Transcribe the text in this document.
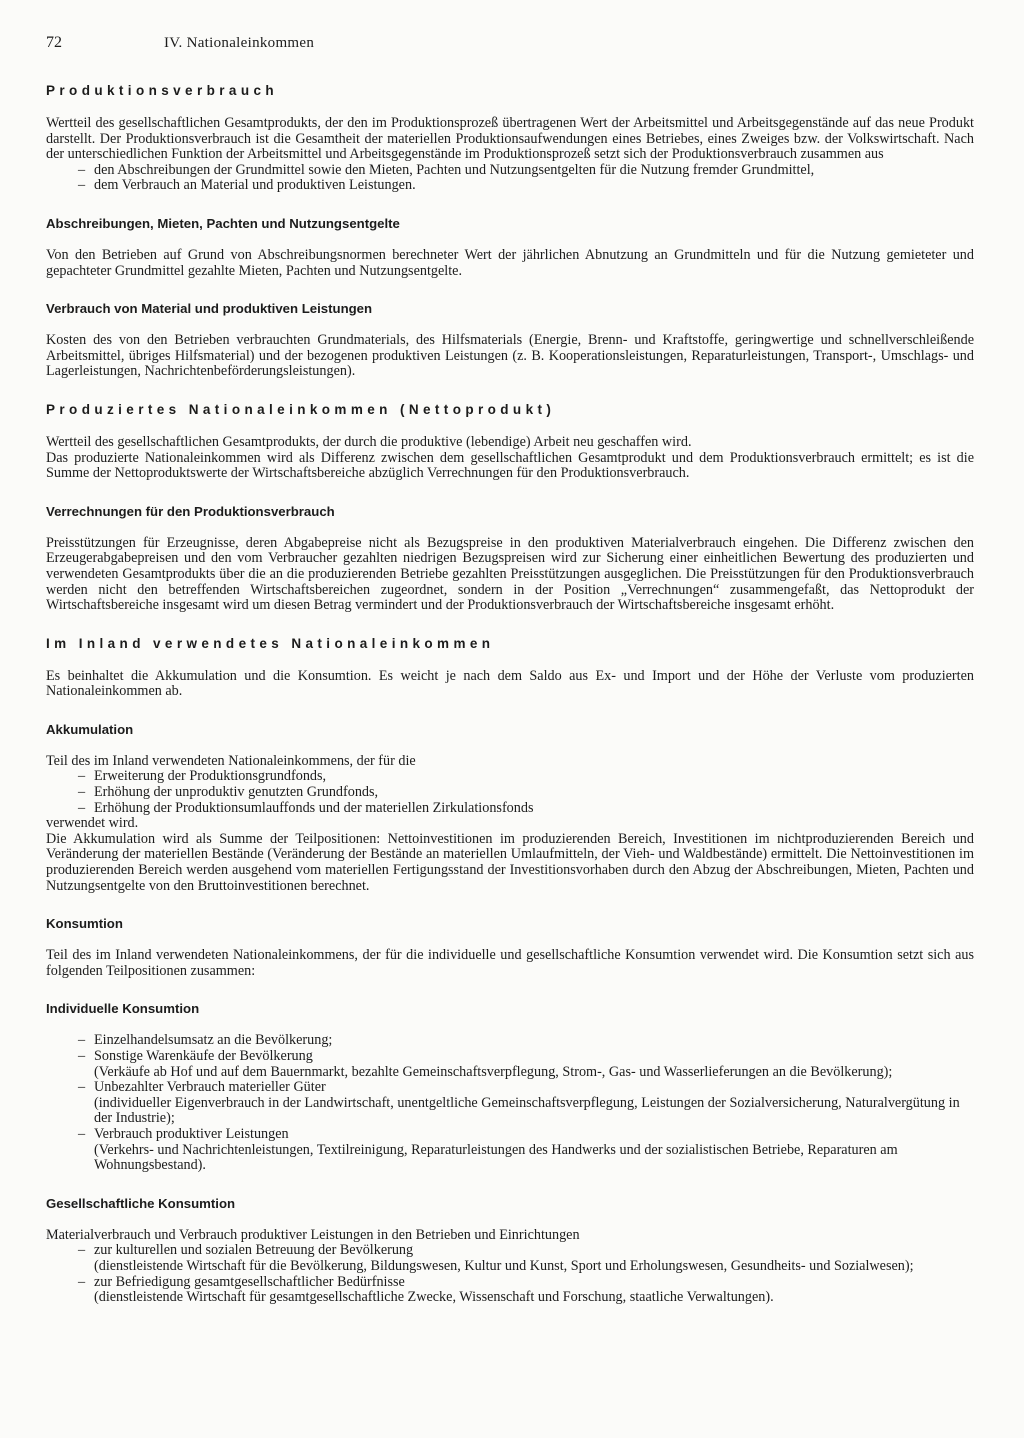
72	IV. Nationaleinkommen
Produktionsverbrauch

Wertteil des gesellschaftlichen Gesamtprodukts, der den im Produktionsprozeß übertragenen Wert der Arbeitsmittel und Arbeitsgegenstände auf das neue Produkt darstellt. Der Produktionsverbrauch ist die Gesamtheit der materiellen Produktionsaufwendungen eines Betriebes, eines Zweiges bzw. der Volkswirtschaft. Nach der unterschiedlichen Funktion der Arbeitsmittel und Arbeitsgegenstände im Produktionsprozeß setzt sich der Produktionsverbrauch zusammen aus

– den Abschreibungen der Grundmittel sowie den Mieten, Pachten und Nutzungsentgelten für die Nutzung fremder Grundmittel,
– dem Verbrauch an Material und produktiven Leistungen.
Abschreibungen, Mieten, Pachten und Nutzungsentgelte

Von den Betrieben auf Grund von Abschreibungsnormen berechneter Wert der jährlichen Abnutzung an Grundmitteln und für die Nutzung gemieteter und gepachteter Grundmittel gezahlte Mieten, Pachten und Nutzungsentgelte.

Verbrauch von Material und produktiven Leistungen

Kosten des von den Betrieben verbrauchten Grundmaterials, des Hilfsmaterials (Energie, Brenn- und Kraftstoffe, geringwertige und schnellverschleißende Arbeitsmittel, übriges Hilfsmaterial) und der bezogenen produktiven Leistungen (z. B. Kooperationsleistungen, Reparaturleistungen, Transport-, Umschlags- und Lagerleistungen, Nachrichtenbeförderungsleistungen).

Produziertes Nationaleinkommen (Nettoprodukt)

Wertteil des gesellschaftlichen Gesamtprodukts, der durch die produktive (lebendige) Arbeit neu geschaffen wird.

Das produzierte Nationaleinkommen wird als Differenz zwischen dem gesellschaftlichen Gesamtprodukt und dem Produktionsverbrauch ermittelt; es ist die Summe der Nettoproduktswerte der Wirtschaftsbereiche abzüglich Verrechnungen für den Produktionsverbrauch.

Verrechnungen für den Produktionsverbrauch

Preisstützungen für Erzeugnisse, deren Abgabepreise nicht als Bezugspreise in den produktiven Materialverbrauch eingehen. Die Differenz zwischen den Erzeugerabgabepreisen und den vom Verbraucher gezahlten niedrigen Bezugspreisen wird zur Sicherung einer einheitlichen Bewertung des produzierten und verwendeten Gesamtprodukts über die an die produzierenden Betriebe gezahlten Preisstützungen ausgeglichen. Die Preisstützungen für den Produktionsverbrauch werden nicht den betreffenden Wirtschaftsbereichen zugeordnet, sondern in der Position „Verrechnungen“ zusammengefaßt, das Nettoprodukt der Wirtschaftsbereiche insgesamt wird um diesen Betrag vermindert und der Produktionsverbrauch der Wirtschaftsbereiche insgesamt erhöht.

Im Inland verwendetes Nationaleinkommen

Es beinhaltet die Akkumulation und die Konsumtion. Es weicht je nach dem Saldo aus Ex- und Import und der Höhe der Verluste vom produzierten Nationaleinkommen ab.

Akkumulation

Teil des im Inland verwendeten Nationaleinkommens, der für die

– Erweiterung der Produktionsgrundfonds,
– Erhöhung der unproduktiv genutzten Grundfonds,
– Erhöhung der Produktionsumlauffonds und der materiellen Zirkulationsfonds

verwendet wird.

Die Akkumulation wird als Summe der Teilpositionen: Nettoinvestitionen im produzierenden Bereich, Investitionen im nichtproduzierenden Bereich und Veränderung der materiellen Bestände (Veränderung der Bestände an materiellen Umlaufmitteln, der Vieh- und Waldbestände) ermittelt. Die Nettoinvestitionen im produzierenden Bereich werden ausgehend vom materiellen Fertigungsstand der Investitionsvorhaben durch den Abzug der Abschreibungen, Mieten, Pachten und Nutzungsentgelte von den Bruttoinvestitionen berechnet.

Konsumtion

Teil des im Inland verwendeten Nationaleinkommens, der für die individuelle und gesellschaftliche Konsumtion verwendet wird. Die Konsumtion setzt sich aus folgenden Teilpositionen zusammen:

Individuelle Konsumtion
– Einzelhandelsumsatz an die Bevölkerung;
– Sonstige Warenkäufe der Bevölkerung
(Verkäufe ab Hof und auf dem Bauernmarkt, bezahlte Gemeinschaftsverpflegung, Strom-, Gas- und Wasserlieferungen an die Bevölkerung);
– Unbezahlter Verbrauch materieller Güter
(individueller Eigenverbrauch in der Landwirtschaft, unentgeltliche Gemeinschaftsverpflegung, Leistungen der Sozialversicherung, Naturalvergütung in der Industrie);
– Verbrauch produktiver Leistungen
(Verkehrs- und Nachrichtenleistungen, Textilreinigung, Reparaturleistungen des Handwerks und der sozialistischen Betriebe, Reparaturen am Wohnungsbestand).
Gesellschaftliche Konsumtion

Materialverbrauch und Verbrauch produktiver Leistungen in den Betrieben und Einrichtungen

– zur kulturellen und sozialen Betreuung der Bevölkerung
(dienstleistende Wirtschaft für die Bevölkerung, Bildungswesen, Kultur und Kunst, Sport und Erholungswesen, Gesundheits- und Sozialwesen);
– zur Befriedigung gesamtgesellschaftlicher Bedürfnisse
(dienstleistende Wirtschaft für gesamtgesellschaftliche Zwecke, Wissenschaft und Forschung, staatliche Verwaltungen).
